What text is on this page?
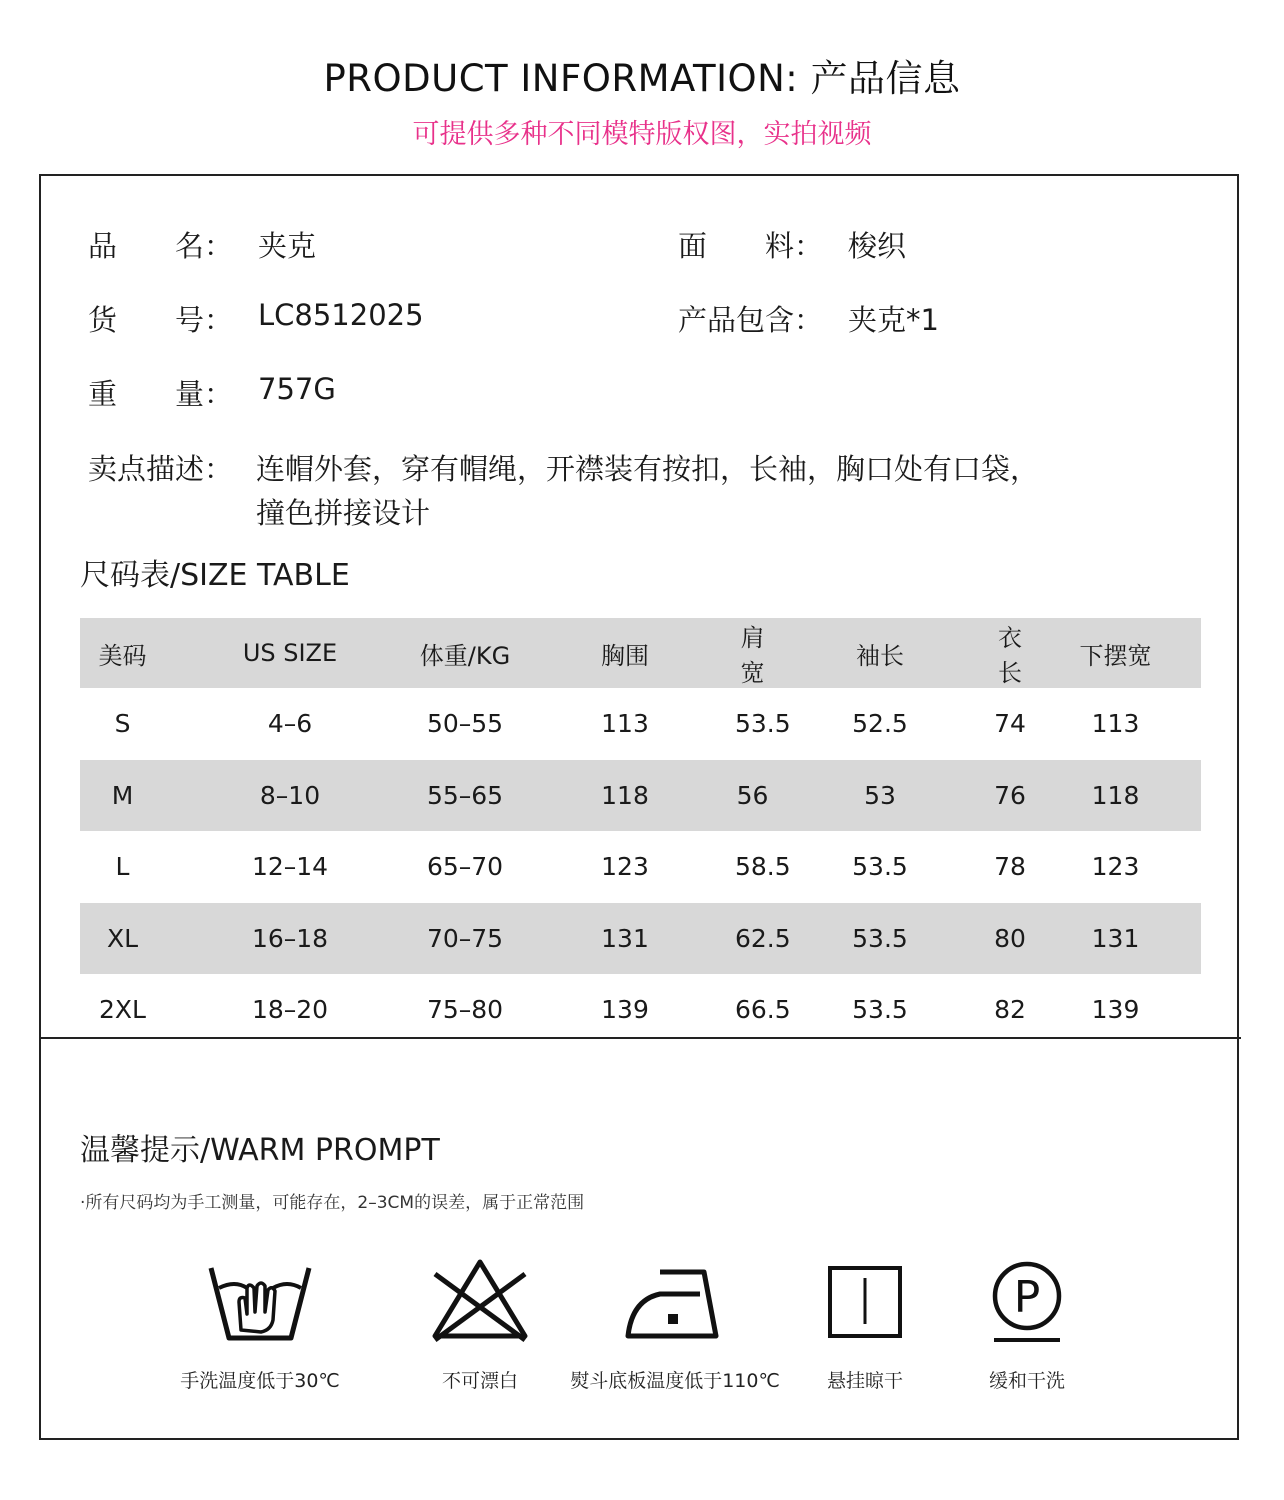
PRODUCT INFORMATION: 产品信息
可提供多种不同模特版权图，实拍视频
品　　名： 夹克	面　　料： 梭织
货　　号： LC8512025	产品包含： 夹克*1
重　　量： 757G
卖点描述： 连帽外套，穿有帽绳，开襟装有按扣，长袖，胸口处有口袋，
撞色拼接设计
尺码表/SIZE TABLE
美码	US SIZE	体重/KG	胸围	肩宽	袖长	衣长	下摆宽
S	4–6	50–55	113	53.5	52.5	74	113
M	8–10	55–65	118	56	53	76	118
L	12–14	65–70	123	58.5	53.5	78	123
XL	16–18	70–75	131	62.5	53.5	80	131
2XL	18–20	75–80	139	66.5	53.5	82	139
温馨提示/WARM PROMPT
·所有尺码均为手工测量，可能存在，2–3CM的误差，属于正常范围
手洗温度低于30℃	不可漂白	熨斗底板温度低于110℃	悬挂晾干
P
缓和干洗
